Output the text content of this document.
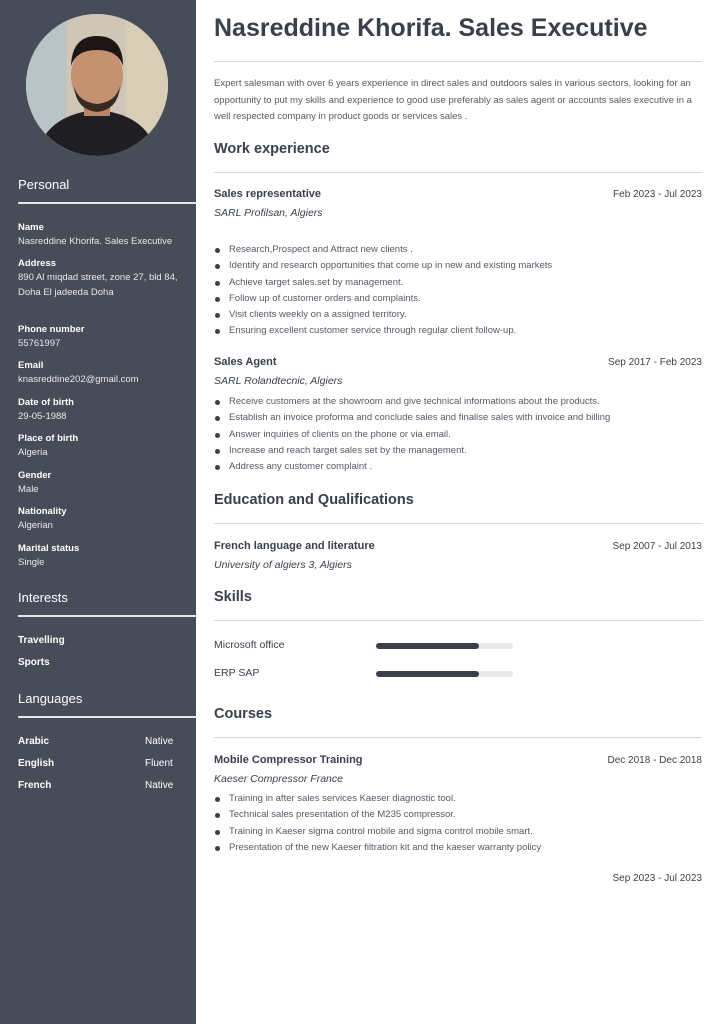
Personal
Name
Nasreddine Khorifa. Sales Executive
Address
890 Al miqdad street, zone 27, bld 84, Doha El jadeeda Doha
Phone number
55761997
Email
knasreddine202@gmail.com
Date of birth
29-05-1988
Place of birth
Algeria
Gender
Male
Nationality
Algerian
Marital status
Single
Interests
Travelling
Sports
Languages
Arabic	Native
English	Fluent
French	Native
Nasreddine Khorifa. Sales Executive
Expert salesman with over 6 years experience in direct sales and outdoors sales in various sectors, looking for an opportunity to put my skills and experience to good use preferably as sales agent or accounts sales executive in a well respected company in product goods or services sales .
Work experience
Sales representative	Feb 2023 - Jul 2023
SARL Profilsan, Algiers
Research,Prospect and Attract new clients .
Identify and research opportunities that come up in new and existing markets
Achieve target sales.set by management.
Follow up of customer orders and complaints.
Visit clients weekly on a assigned territory.
Ensuring excellent customer service through regular client follow-up.
Sales Agent	Sep 2017 - Feb 2023
SARL Rolandtecnic, Algiers
Receive customers at the showroom and give technical informations about the products.
Establish an invoice proforma and conclude sales and finalise sales with invoice and billing
Answer inquiries of clients on the phone or via email.
Increase and reach target sales set by the management.
Address any customer complaint .
Education and Qualifications
French language and literature	Sep 2007 - Jul 2013
University of algiers 3, Algiers
Skills
Microsoft office
ERP SAP
Courses
Mobile Compressor Training	Dec 2018 - Dec 2018
Kaeser Compressor France
Training in after sales services Kaeser diagnostic tool.
Technical sales presentation of the M235 compressor.
Training in Kaeser sigma control mobile and sigma control mobile smart.
Presentation of the new Kaeser filtration kit and the kaeser warranty policy
Sep 2023 - Jul 2023
